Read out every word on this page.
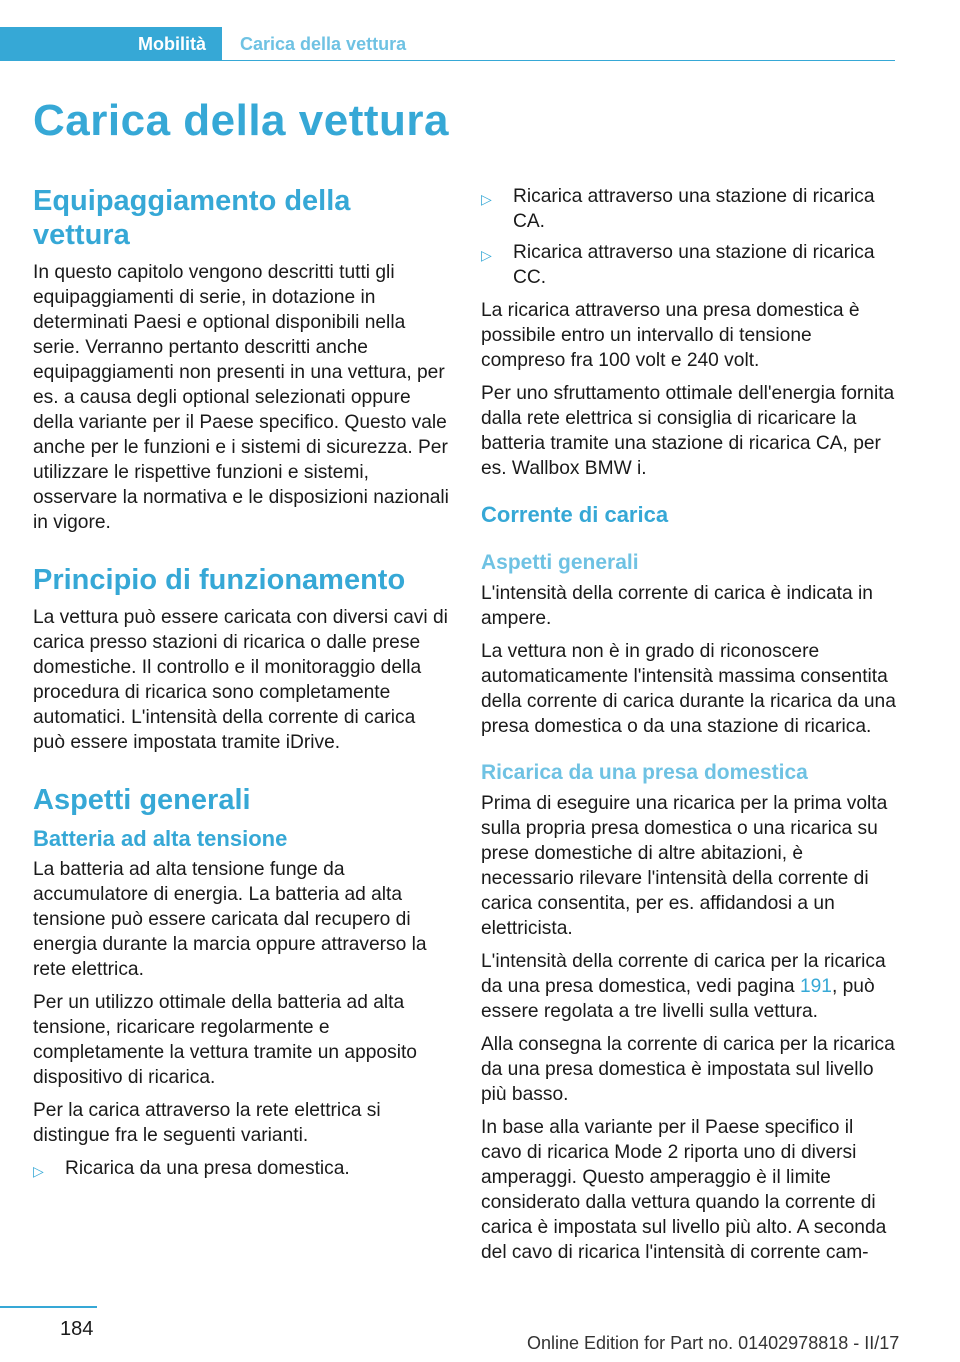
Mobilità	Carica della vettura
Carica della vettura
Equipaggiamento della vettura

In questo capitolo vengono descritti tutti gli equipaggiamenti di serie, in dotazione in determinati Paesi e optional disponibili nella serie. Verranno pertanto descritti anche equipaggiamenti non presenti in una vettura, per es. a causa degli optional selezionati oppure della variante per il Paese specifico. Questo vale anche per le funzioni e i sistemi di sicurezza. Per utilizzare le rispettive funzioni e sistemi, osservare la normativa e le disposizioni nazionali in vigore.

Principio di funzionamento

La vettura può essere caricata con diversi cavi di carica presso stazioni di ricarica o dalle prese domestiche. Il controllo e il monitoraggio della procedura di ricarica sono completamente automatici. L'intensità della corrente di carica può essere impostata tramite iDrive.

Aspetti generali
Batteria ad alta tensione

La batteria ad alta tensione funge da accumulatore di energia. La batteria ad alta tensione può essere caricata dal recupero di energia durante la marcia oppure attraverso la rete elettrica.

Per un utilizzo ottimale della batteria ad alta tensione, ricaricare regolarmente e completamente la vettura tramite un apposito dispositivo di ricarica.

Per la carica attraverso la rete elettrica si distingue fra le seguenti varianti.

▷ Ricarica da una presa domestica.
▷ Ricarica attraverso una stazione di ricarica CA.
▷ Ricarica attraverso una stazione di ricarica CC.

La ricarica attraverso una presa domestica è possibile entro un intervallo di tensione compreso fra 100 volt e 240 volt.

Per uno sfruttamento ottimale dell'energia fornita dalla rete elettrica si consiglia di ricaricare la batteria tramite una stazione di ricarica CA, per es. Wallbox BMW i.

Corrente di carica
Aspetti generali

L'intensità della corrente di carica è indicata in ampere.

La vettura non è in grado di riconoscere automaticamente l'intensità massima consentita della corrente di carica durante la ricarica da una presa domestica o da una stazione di ricarica.

Ricarica da una presa domestica

Prima di eseguire una ricarica per la prima volta sulla propria presa domestica o una ricarica su prese domestiche di altre abitazioni, è necessario rilevare l'intensità della corrente di carica consentita, per es. affidandosi a un elettricista.

L'intensità della corrente di carica per la ricarica da una presa domestica, vedi pagina 191, può essere regolata a tre livelli sulla vettura.

Alla consegna la corrente di carica per la ricarica da una presa domestica è impostata sul livello più basso.

In base alla variante per il Paese specifico il cavo di ricarica Mode 2 riporta uno di diversi amperaggi. Questo amperaggio è il limite considerato dalla vettura quando la corrente di carica è impostata sul livello più alto. A seconda del cavo di ricarica l'intensità di corrente cam-

184
Online Edition for Part no. 01402978818 - II/17
